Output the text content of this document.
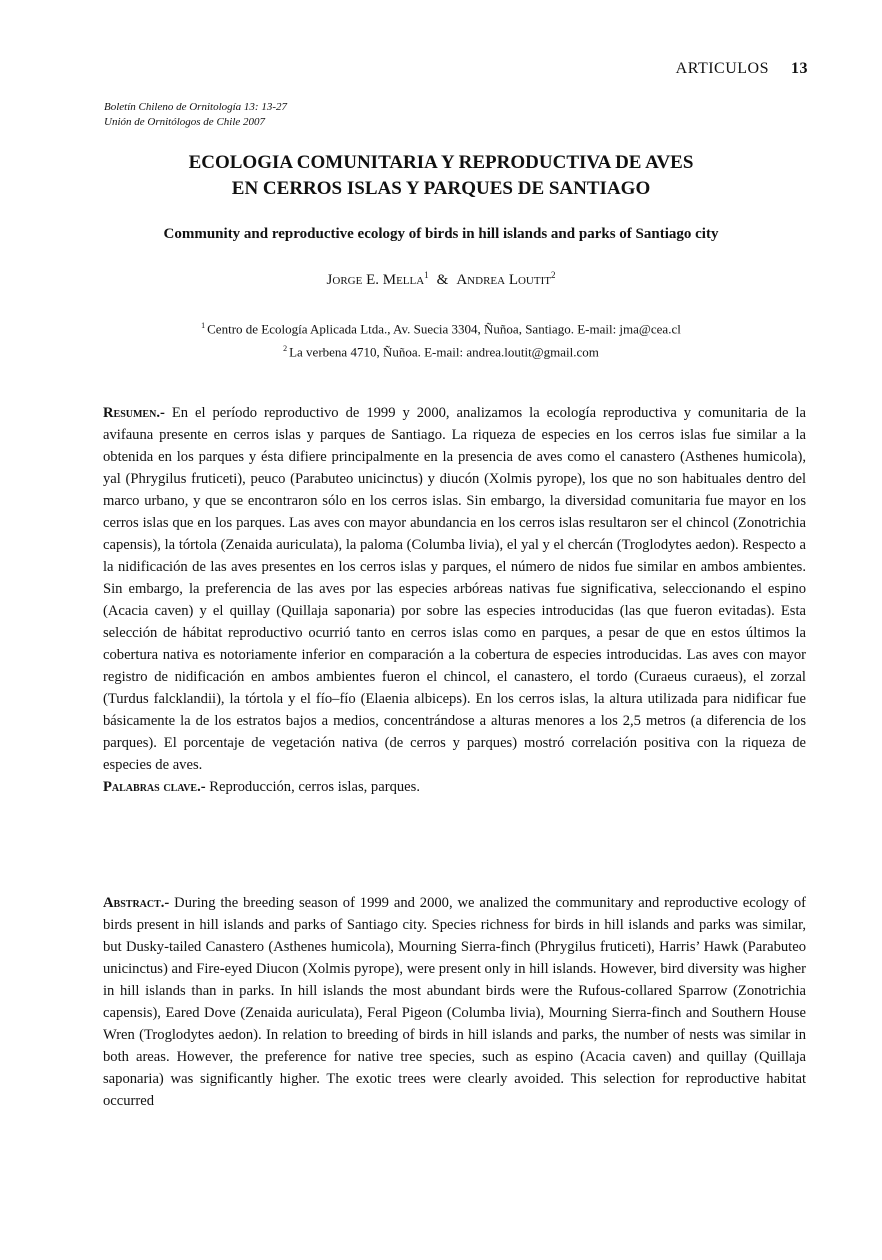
ARTICULOS 13
Boletín Chileno de Ornitología 13: 13-27
Unión de Ornitólogos de Chile 2007
ECOLOGIA COMUNITARIA Y REPRODUCTIVA DE AVES
EN CERROS ISLAS Y PARQUES DE SANTIAGO
Community and reproductive ecology of birds in hill islands and parks of Santiago city
Jorge E. Mella$^1$ & Andrea Loutit$^2$
$^1$ Centro de Ecología Aplicada Ltda., Av. Suecia 3304, Ñuñoa, Santiago. E-mail: jma@cea.cl
$^2$ La verbena 4710, Ñuñoa. E-mail: andrea.loutit@gmail.com

Resumen.- En el período reproductivo de 1999 y 2000, analizamos la ecología reproductiva y comunitaria de la avifauna presente en cerros islas y parques de Santiago. La riqueza de especies en los cerros islas fue similar a la obtenida en los parques y ésta difiere principalmente en la presencia de aves como el canastero (Asthenes humicola), yal (Phrygilus fruticeti), peuco (Parabuteo unicinctus) y diucón (Xolmis pyrope), los que no son habituales dentro del marco urbano, y que se encontraron sólo en los cerros islas. Sin embargo, la diversidad comunitaria fue mayor en los cerros islas que en los parques. Las aves con mayor abundancia en los cerros islas resultaron ser el chincol (Zonotrichia capensis), la tórtola (Zenaida auriculata), la paloma (Columba livia), el yal y el chercán (Troglodytes aedon). Respecto a la nidificación de las aves presentes en los cerros islas y parques, el número de nidos fue similar en ambos ambientes. Sin embargo, la preferencia de las aves por las especies arbóreas nativas fue significativa, seleccionando el espino (Acacia caven) y el quillay (Quillaja saponaria) por sobre las especies introducidas (las que fueron evitadas). Esta selección de hábitat reproductivo ocurrió tanto en cerros islas como en parques, a pesar de que en estos últimos la cobertura nativa es notoriamente inferior en comparación a la cobertura de especies introducidas. Las aves con mayor registro de nidificación en ambos ambientes fueron el chincol, el canastero, el tordo (Curaeus curaeus), el zorzal (Turdus falcklandii), la tórtola y el fío–fío (Elaenia albiceps). En los cerros islas, la altura utilizada para nidificar fue básicamente la de los estratos bajos a medios, concentrándose a alturas menores a los 2,5 metros (a diferencia de los parques). El porcentaje de vegetación nativa (de cerros y parques) mostró correlación positiva con la riqueza de especies de aves.

Palabras clave.- Reproducción, cerros islas, parques.

Abstract.- During the breeding season of 1999 and 2000, we analized the communitary and reproductive ecology of birds present in hill islands and parks of Santiago city. Species richness for birds in hill islands and parks was similar, but Dusky-tailed Canastero (Asthenes humicola), Mourning Sierra-finch (Phrygilus fruticeti), Harris’ Hawk (Parabuteo unicinctus) and Fire-eyed Diucon (Xolmis pyrope), were present only in hill islands. However, bird diversity was higher in hill islands than in parks. In hill islands the most abundant birds were the Rufous-collared Sparrow (Zonotrichia capensis), Eared Dove (Zenaida auriculata), Feral Pigeon (Columba livia), Mourning Sierra-finch and Southern House Wren (Troglodytes aedon). In relation to breeding of birds in hill islands and parks, the number of nests was similar in both areas. However, the preference for native tree species, such as espino (Acacia caven) and quillay (Quillaja saponaria) was significantly higher. The exotic trees were clearly avoided. This selection for reproductive habitat occurred
